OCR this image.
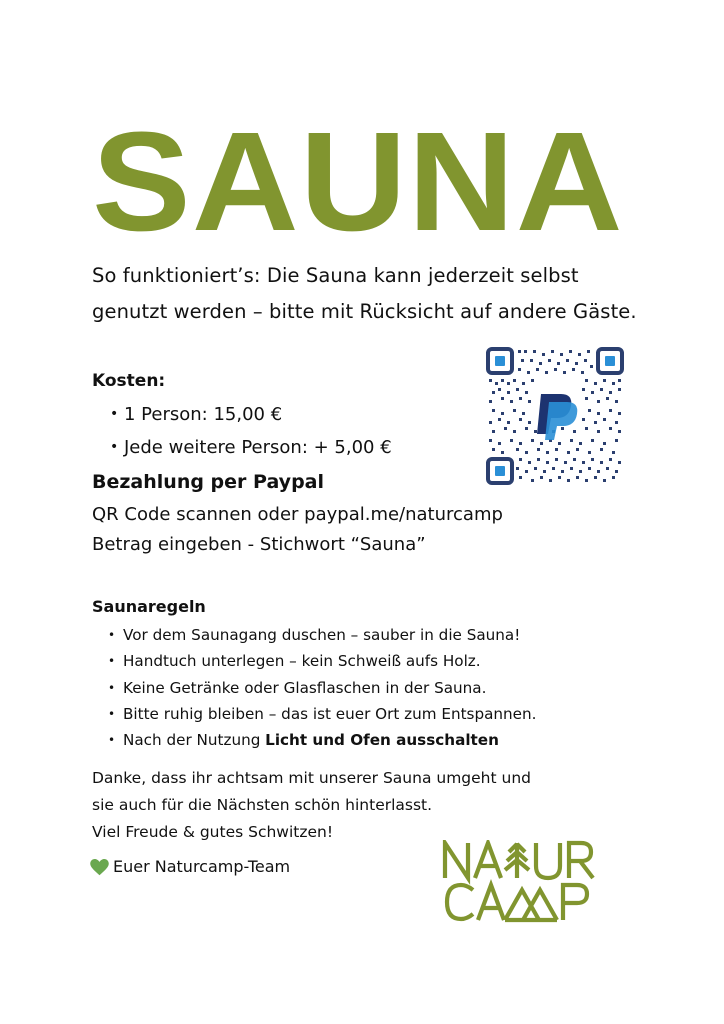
SAUNA

So funktioniert’s: Die Sauna kann jederzeit selbst genutzt werden – bitte mit Rücksicht auf andere Gäste.

Kosten:
• 1 Person: 15,00 €
• Jede weitere Person: + 5,00 €
Bezahlung per Paypal

QR Code scannen oder paypal.me/naturcamp
Betrag eingeben - Stichwort “Sauna”

Saunaregeln
• Vor dem Saunagang duschen – sauber in die Sauna!
• Handtuch unterlegen – kein Schweiß aufs Holz.
• Keine Getränke oder Glasflaschen in der Sauna.
• Bitte ruhig bleiben – das ist euer Ort zum Entspannen.
• Nach der Nutzung Licht und Ofen ausschalten

Danke, dass ihr achtsam mit unserer Sauna umgeht und
sie auch für die Nächsten schön hinterlasst.
Viel Freude & gutes Schwitzen!

Euer Naturcamp-Team
